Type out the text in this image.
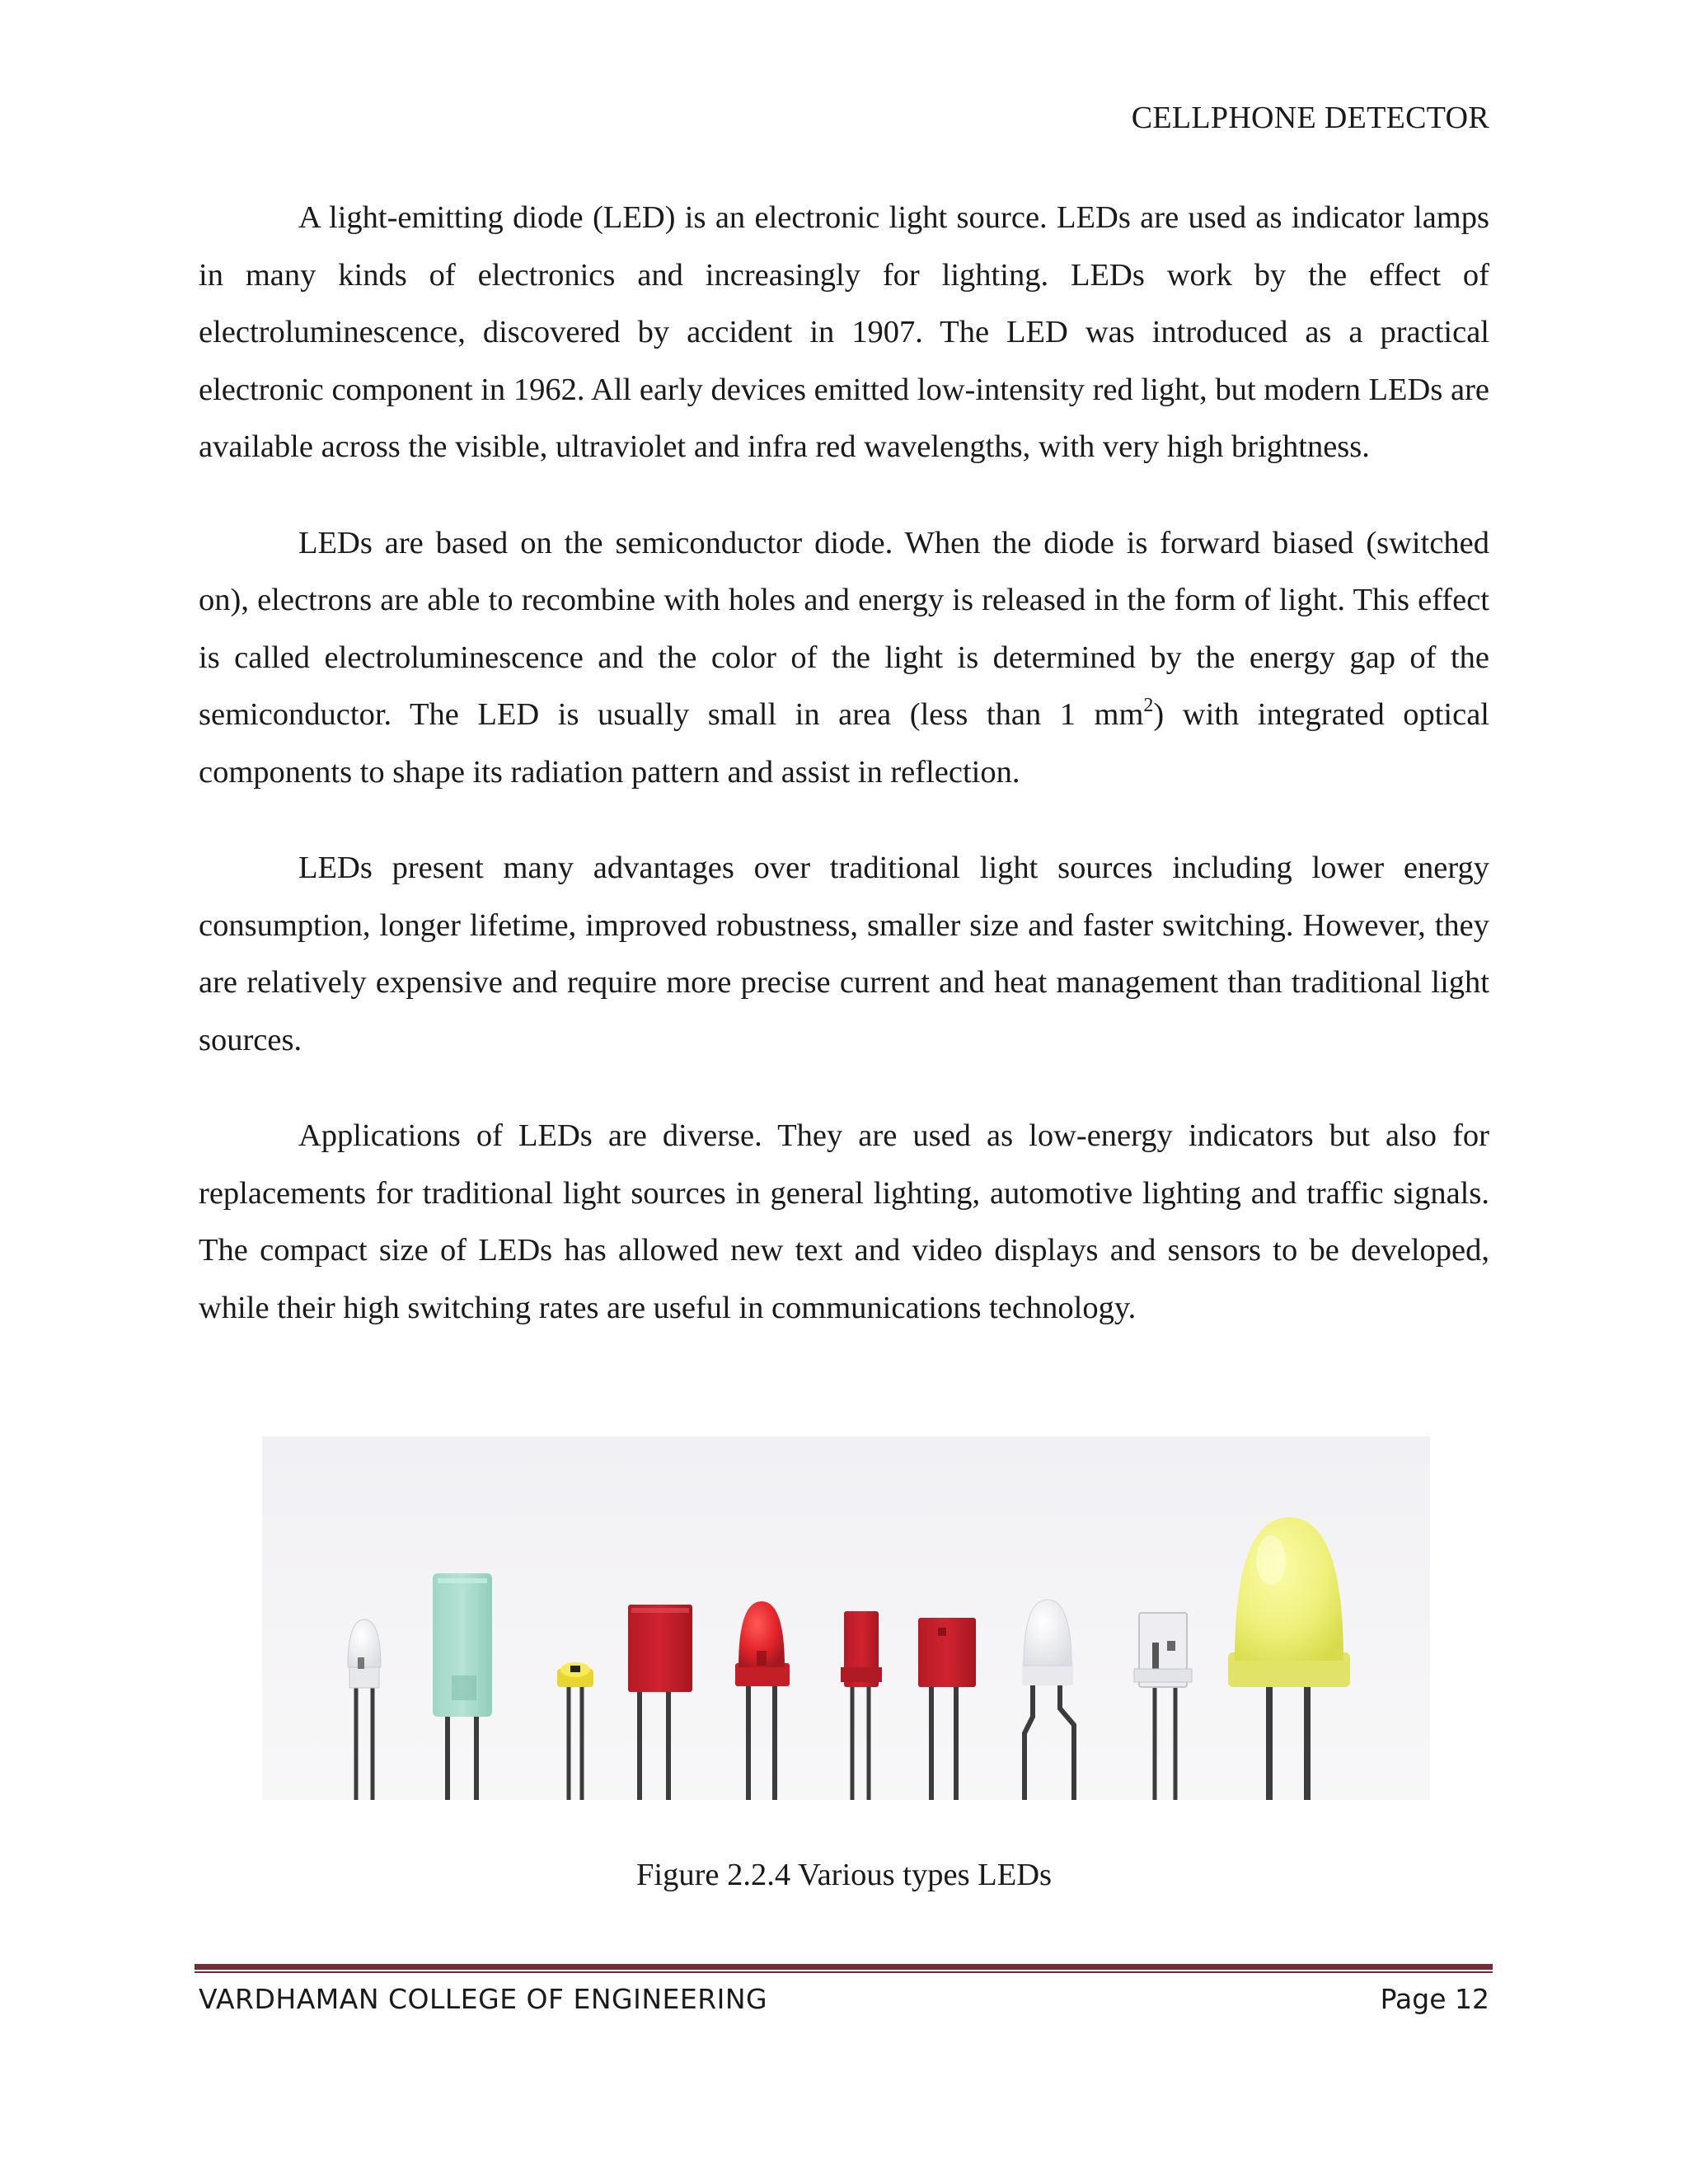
CELLPHONE DETECTOR

A light-emitting diode (LED) is an electronic light source. LEDs are used as indicator lamps in many kinds of electronics and increasingly for lighting. LEDs work by the effect of electroluminescence, discovered by accident in 1907. The LED was introduced as a practical electronic component in 1962. All early devices emitted low-intensity red light, but modern LEDs are available across the visible, ultraviolet and infra red wavelengths, with very high brightness.

LEDs are based on the semiconductor diode. When the diode is forward biased (switched on), electrons are able to recombine with holes and energy is released in the form of light. This effect is called electroluminescence and the color of the light is determined by the energy gap of the semiconductor. The LED is usually small in area (less than 1 $mm^2$) with integrated optical components to shape its radiation pattern and assist in reflection.

LEDs present many advantages over traditional light sources including lower energy consumption, longer lifetime, improved robustness, smaller size and faster switching. However, they are relatively expensive and require more precise current and heat management than traditional light sources.

Applications of LEDs are diverse. They are used as low-energy indicators but also for replacements for traditional light sources in general lighting, automotive lighting and traffic signals. The compact size of LEDs has allowed new text and video displays and sensors to be developed, while their high switching rates are useful in communications technology.

Figure 2.2.4 Various types LEDs
VARDHAMAN COLLEGE OF ENGINEERING	Page 12
